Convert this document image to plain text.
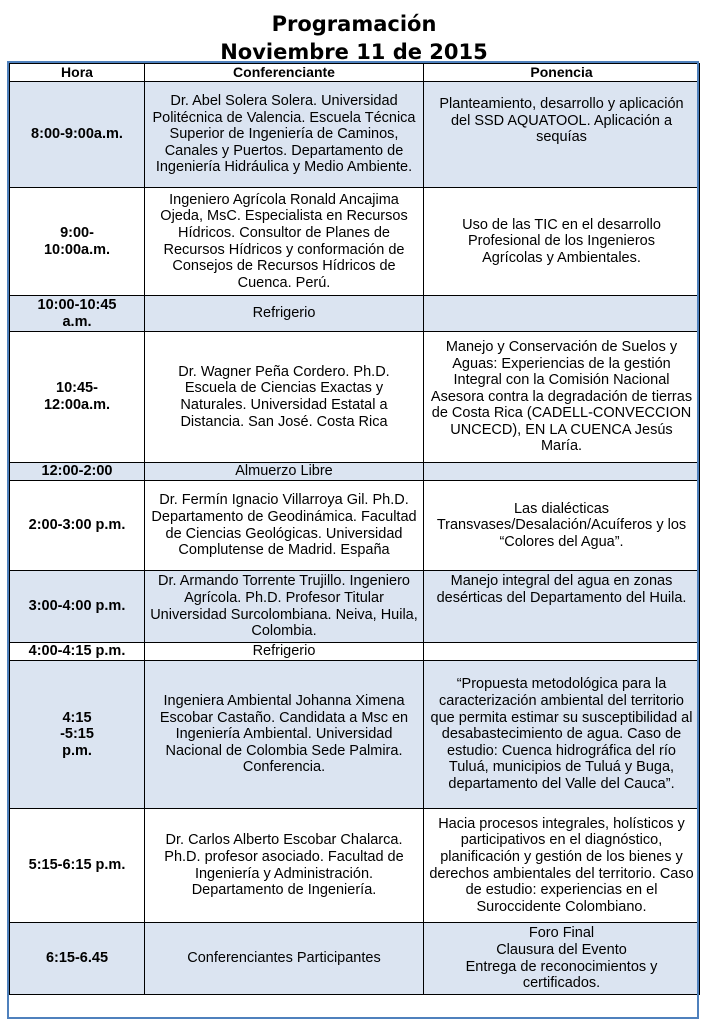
Programación
Noviembre 11 de 2015
Hora	Conferenciante	Ponencia
8:00-9:00a.m.	Dr. Abel Solera Solera. Universidad Politécnica de Valencia. Escuela Técnica Superior de Ingeniería de Caminos, Canales y Puertos. Departamento de Ingeniería Hidráulica y Medio Ambiente.	Planteamiento, desarrollo y aplicación del SSD AQUATOOL. Aplicación a sequías
9:00-10:00a.m.	Ingeniero Agrícola Ronald Ancajima Ojeda, MsC. Especialista en Recursos Hídricos. Consultor de Planes de Recursos Hídricos y conformación de Consejos de Recursos Hídricos de Cuenca. Perú.	Uso de las TIC en el desarrollo Profesional de los Ingenieros Agrícolas y Ambientales.
10:00-10:45 a.m.	Refrigerio	
10:45-12:00a.m.	Dr. Wagner Peña Cordero. Ph.D. Escuela de Ciencias Exactas y Naturales. Universidad Estatal a Distancia. San José. Costa Rica	Manejo y Conservación de Suelos y Aguas: Experiencias de la gestión Integral con la Comisión Nacional Asesora contra la degradación de tierras de Costa Rica (CADELL-CONVECCION UNCECD), EN LA CUENCA Jesús María.
12:00-2:00	Almuerzo Libre	
2:00-3:00 p.m.	Dr. Fermín Ignacio Villarroya Gil. Ph.D. Departamento de Geodinámica. Facultad de Ciencias Geológicas. Universidad Complutense de Madrid. España	Las dialécticas Transvases/Desalación/Acuíferos y los “Colores del Agua”.
3:00-4:00 p.m.	Dr. Armando Torrente Trujillo. Ingeniero Agrícola. Ph.D. Profesor Titular Universidad Surcolombiana. Neiva, Huila, Colombia.	Manejo integral del agua en zonas desérticas del Departamento del Huila.
4:00-4:15 p.m.	Refrigerio	
4:15 -5:15 p.m.	Ingeniera Ambiental Johanna Ximena Escobar Castaño. Candidata a Msc en Ingeniería Ambiental. Universidad Nacional de Colombia Sede Palmira. Conferencia.	“Propuesta metodológica para la caracterización ambiental del territorio que permita estimar su susceptibilidad al desabastecimiento de agua. Caso de estudio: Cuenca hidrográfica del río Tuluá, municipios de Tuluá y Buga, departamento del Valle del Cauca”.
5:15-6:15 p.m.	Dr. Carlos Alberto Escobar Chalarca. Ph.D. profesor asociado. Facultad de Ingeniería y Administración. Departamento de Ingeniería.	Hacia procesos integrales, holísticos y participativos en el diagnóstico, planificación y gestión de los bienes y derechos ambientales del territorio. Caso de estudio: experiencias en el Suroccidente Colombiano.
6:15-6.45	Conferenciantes Participantes	Foro Final
Clausura del Evento
Entrega de reconocimientos y certificados.
